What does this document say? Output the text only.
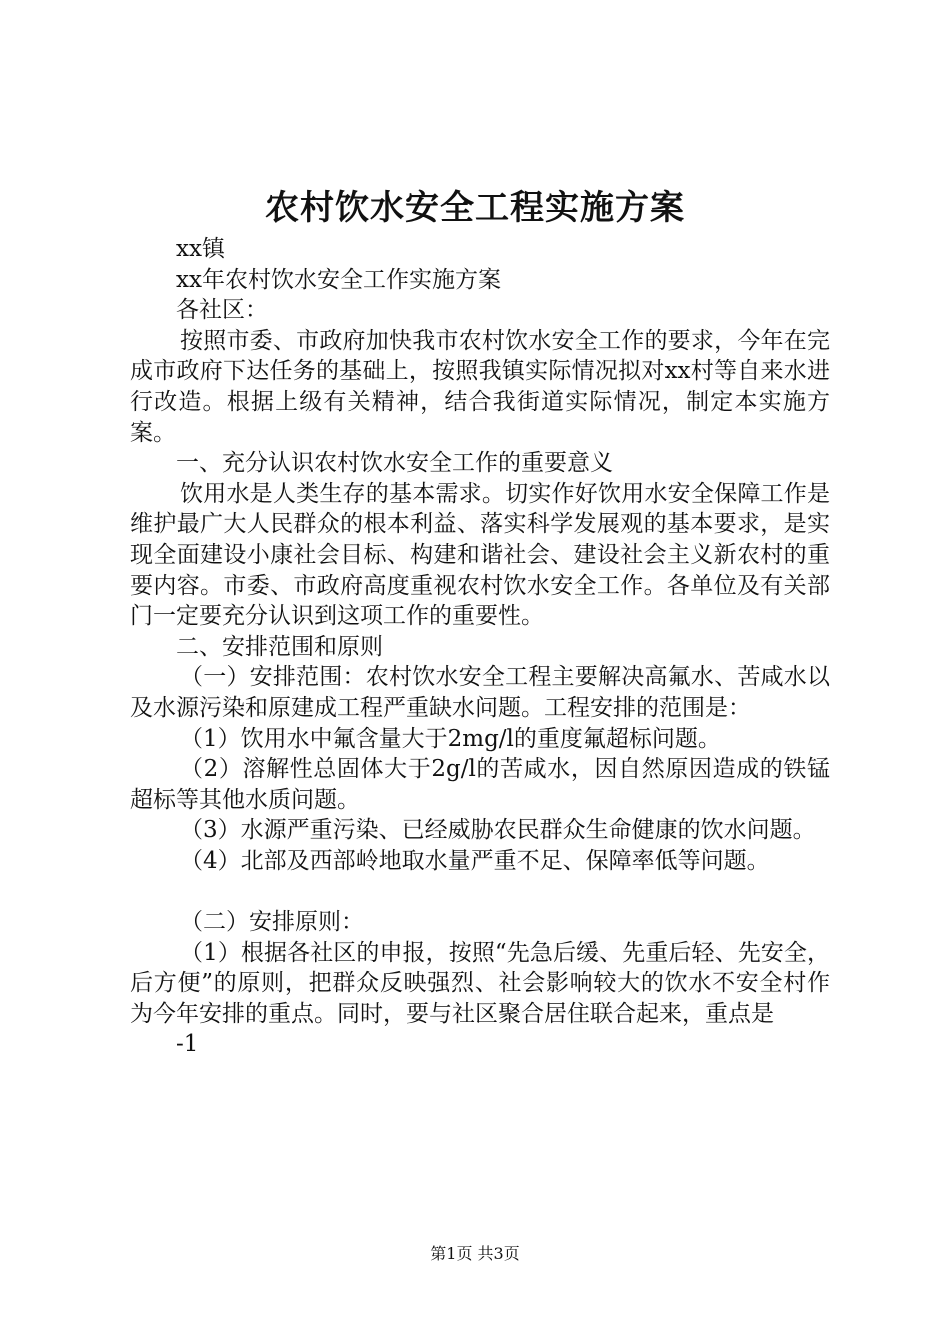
农村饮水安全工程实施方案

xx镇

xx年农村饮水安全工作实施方案

各社区：

按照市委、市政府加快我市农村饮水安全工作的要求，今年在完成市政府下达任务的基础上，按照我镇实际情况拟对xx村等自来水进行改造。根据上级有关精神，结合我街道实际情况，制定本实施方案。

一、充分认识农村饮水安全工作的重要意义

饮用水是人类生存的基本需求。切实作好饮用水安全保障工作是维护最广大人民群众的根本利益、落实科学发展观的基本要求，是实现全面建设小康社会目标、构建和谐社会、建设社会主义新农村的重要内容。市委、市政府高度重视农村饮水安全工作。各单位及有关部门一定要充分认识到这项工作的重要性。

二、安排范围和原则

（一）安排范围：农村饮水安全工程主要解决高氟水、苦咸水以及水源污染和原建成工程严重缺水问题。工程安排的范围是：

（1）饮用水中氟含量大于2mg/l的重度氟超标问题。

（2）溶解性总固体大于2g/l的苦咸水，因自然原因造成的铁锰超标等其他水质问题。

（3）水源严重污染、已经威胁农民群众生命健康的饮水问题。

（4）北部及西部岭地取水量严重不足、保障率低等问题。

（二）安排原则：

（1）根据各社区的申报，按照“先急后缓、先重后轻、先安全，后方便”的原则，把群众反映强烈、社会影响较大的饮水不安全村作为今年安排的重点。同时，要与社区聚合居住联合起来，重点是

-1

第1页 共3页
